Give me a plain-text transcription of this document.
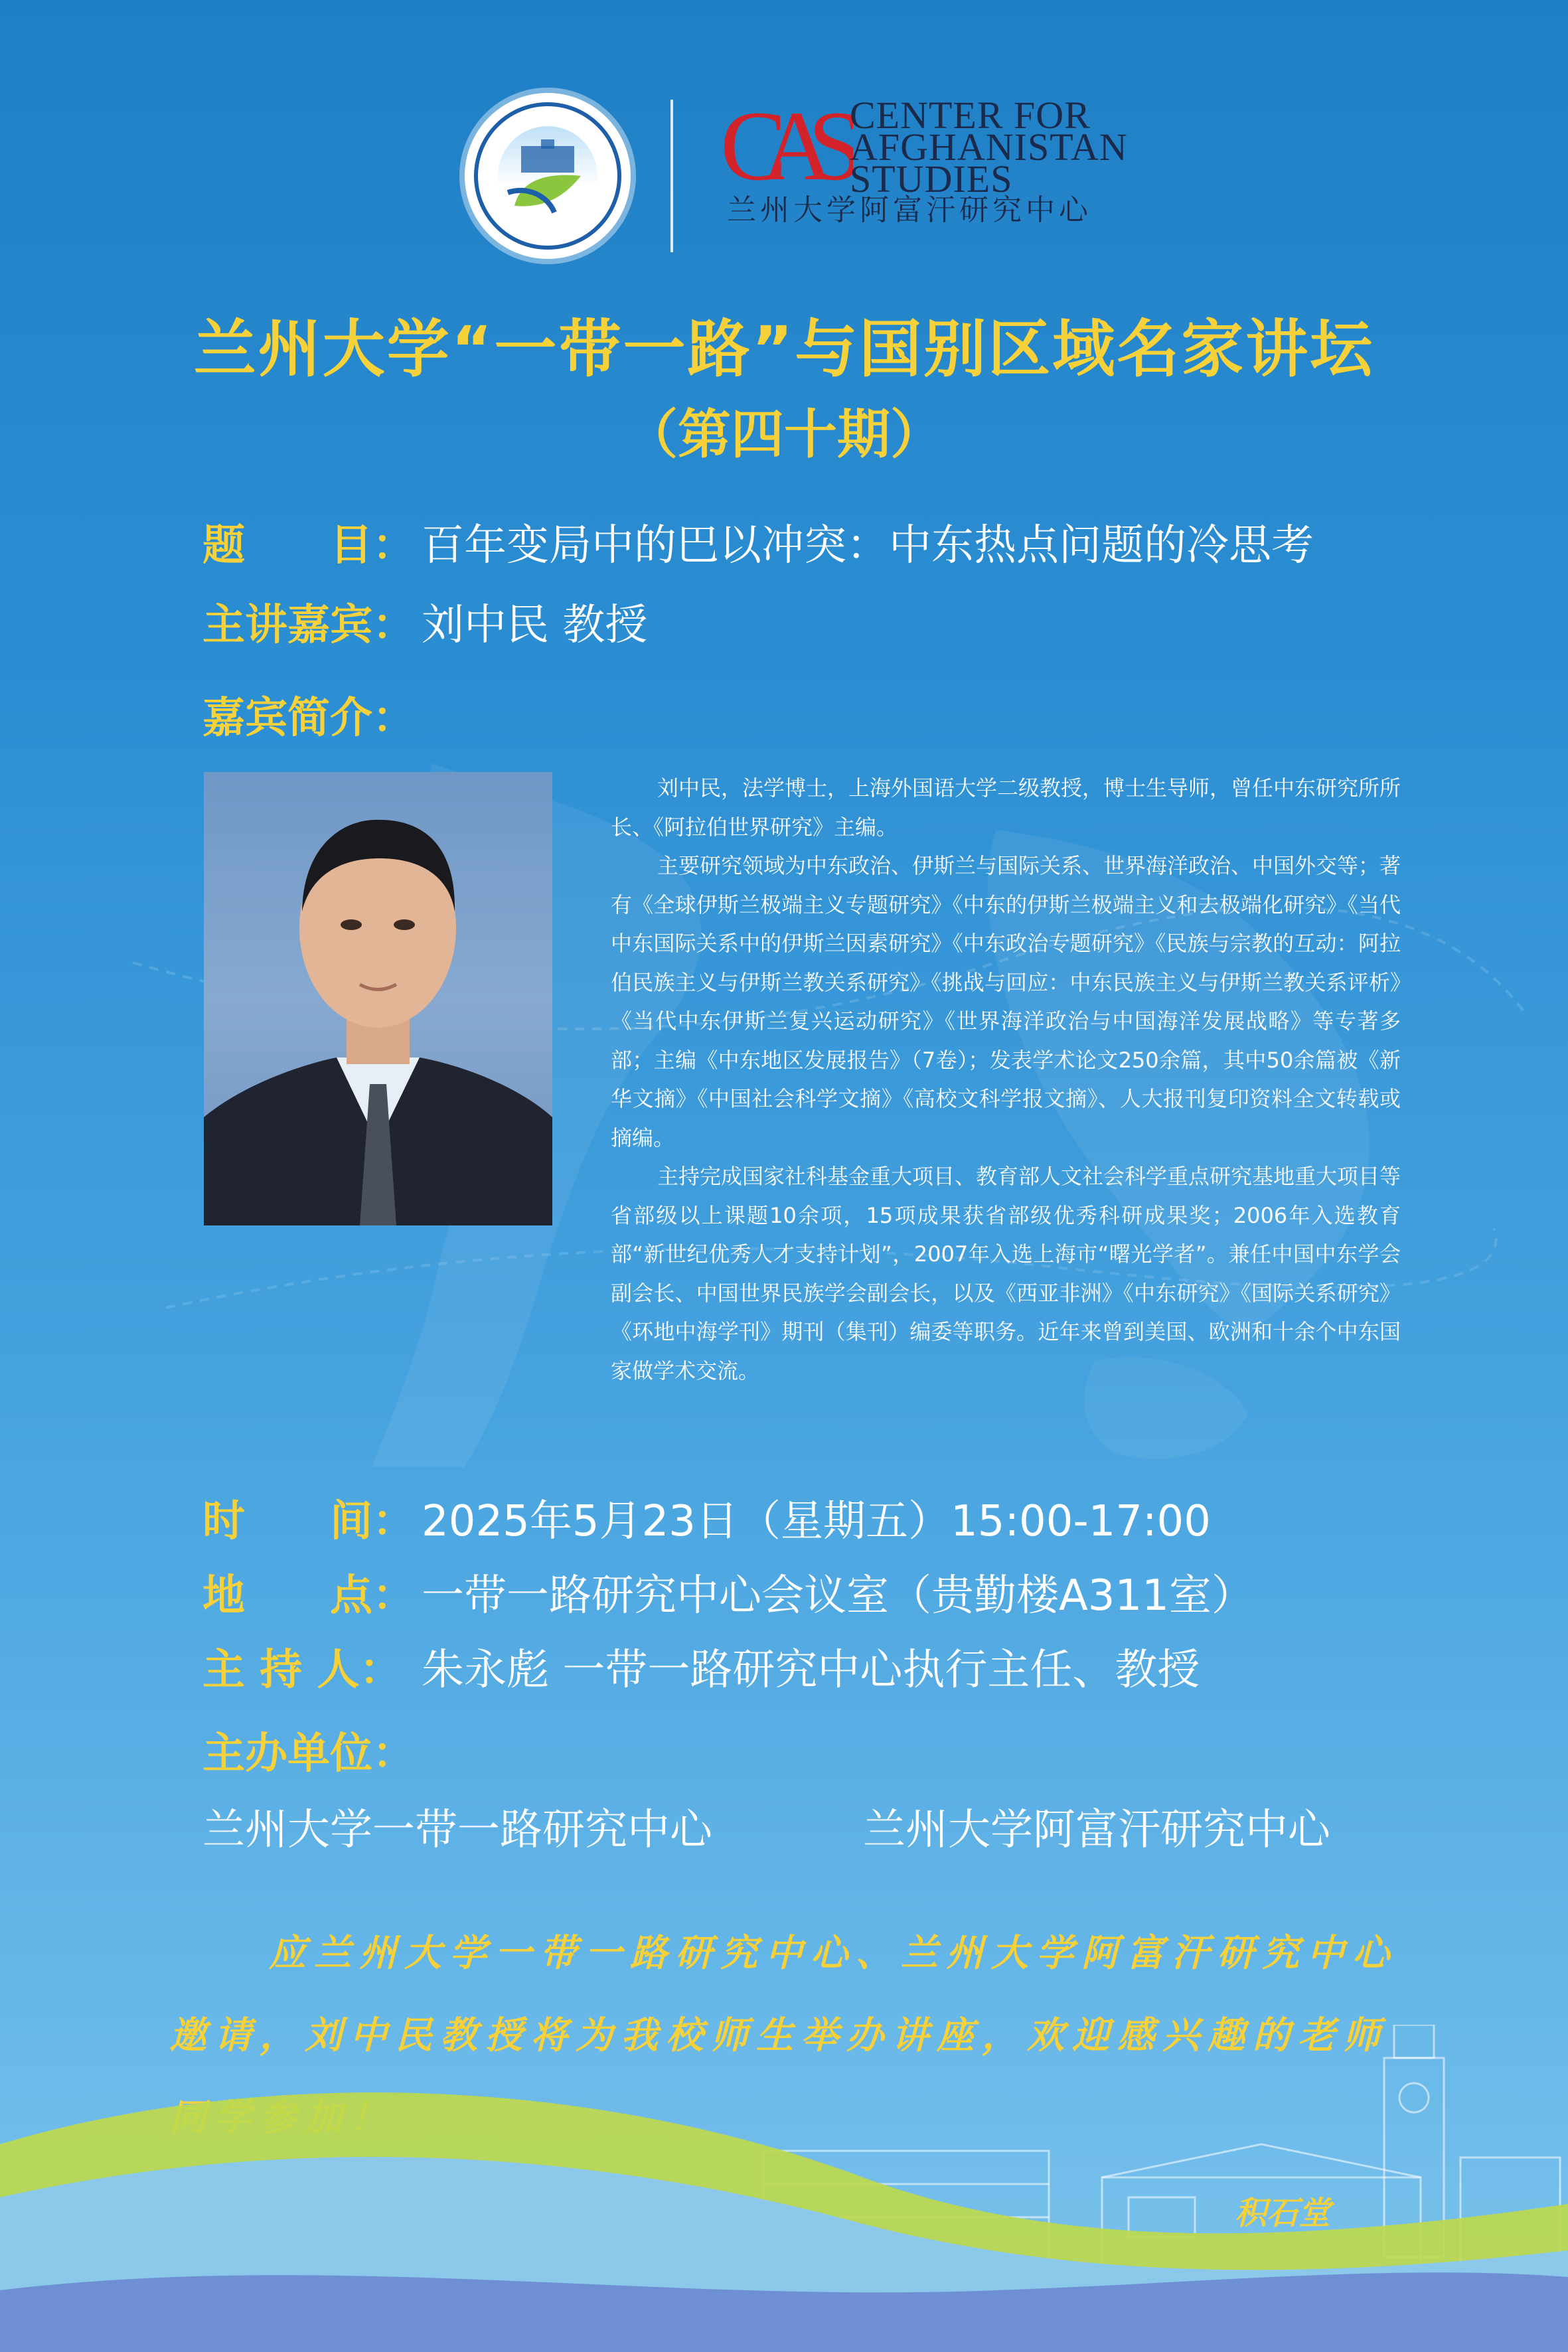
CAS CENTER FOR
AFGHANISTAN
STUDIES
兰州大学阿富汗研究中心
兰州大学“一带一路”与国别区域名家讲坛
（第四十期）
题　　目： 百年变局中的巴以冲突：中东热点问题的冷思考
主讲嘉宾： 刘中民 教授
嘉宾简介：

刘中民，法学博士，上海外国语大学二级教授，博士生导师，曾任中东研究所所长、《阿拉伯世界研究》主编。

主要研究领域为中东政治、伊斯兰与国际关系、世界海洋政治、中国外交等；著有《全球伊斯兰极端主义专题研究》《中东的伊斯兰极端主义和去极端化研究》《当代中东国际关系中的伊斯兰因素研究》《中东政治专题研究》《民族与宗教的互动：阿拉伯民族主义与伊斯兰教关系研究》《挑战与回应：中东民族主义与伊斯兰教关系评析》《当代中东伊斯兰复兴运动研究》《世界海洋政治与中国海洋发展战略》等专著多部；主编《中东地区发展报告》（7卷）；发表学术论文250余篇，其中50余篇被《新华文摘》《中国社会科学文摘》《高校文科学报文摘》、人大报刊复印资料全文转载或摘编。

主持完成国家社科基金重大项目、教育部人文社会科学重点研究基地重大项目等省部级以上课题10余项，15项成果获省部级优秀科研成果奖；2006年入选教育部“新世纪优秀人才支持计划”，2007年入选上海市“曙光学者”。兼任中国中东学会副会长、中国世界民族学会副会长，以及《西亚非洲》《中东研究》《国际关系研究》《环地中海学刊》期刊（集刊）编委等职务。近年来曾到美国、欧洲和十余个中东国家做学术交流。

时　　间： 2025年5月23日（星期五）15:00-17:00
地　　点： 一带一路研究中心会议室（贵勤楼A311室）
主 持 人： 朱永彪 一带一路研究中心执行主任、教授
主办单位：
兰州大学一带一路研究中心	兰州大学阿富汗研究中心

应兰州大学一带一路研究中心、兰州大学阿富汗研究中心邀请，刘中民教授将为我校师生举办讲座，欢迎感兴趣的老师

积石堂
